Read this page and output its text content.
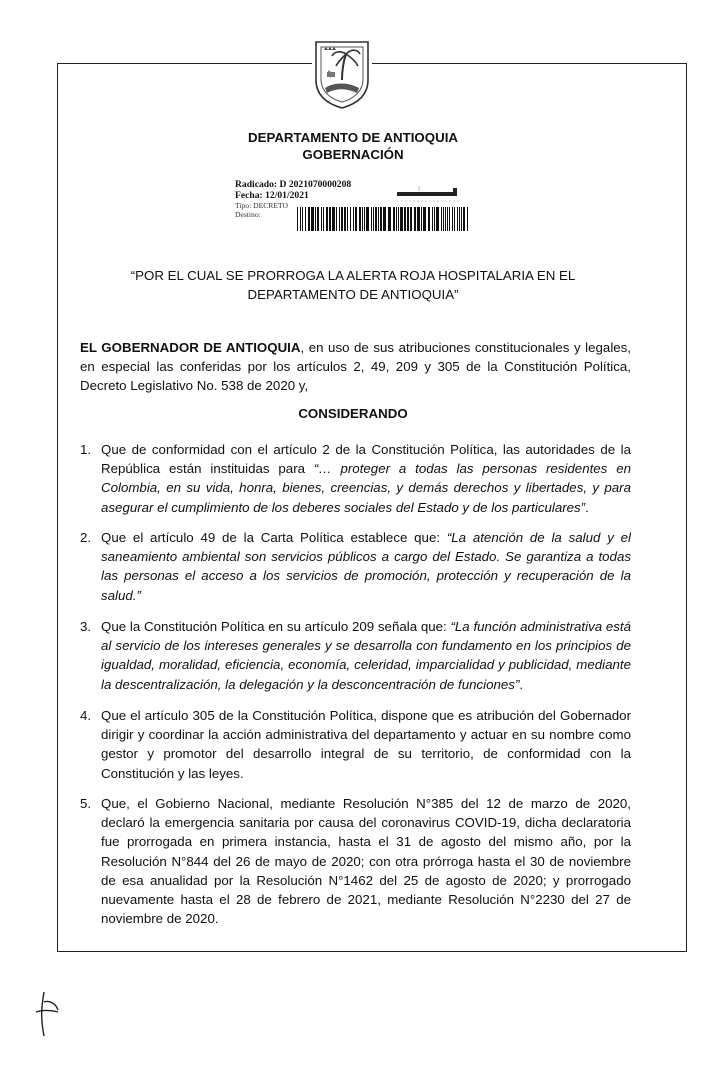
DEPARTAMENTO DE ANTIOQUIA
GOBERNACIÓN
Radicado: D 2021070000208
Fecha: 12/01/2021
Tipo: DECRETO
Destino:
“POR EL CUAL SE PRORROGA LA ALERTA ROJA HOSPITALARIA EN EL DEPARTAMENTO DE ANTIOQUIA”
EL GOBERNADOR DE ANTIOQUIA, en uso de sus atribuciones constitucionales y legales, en especial las conferidas por los artículos 2, 49, 209 y 305 de la Constitución Política, Decreto Legislativo No. 538 de 2020 y,
CONSIDERANDO
1. Que de conformidad con el artículo 2 de la Constitución Política, las autoridades de la República están instituidas para “… proteger a todas las personas residentes en Colombia, en su vida, honra, bienes, creencias, y demás derechos y libertades, y para asegurar el cumplimiento de los deberes sociales del Estado y de los particulares”.
2. Que el artículo 49 de la Carta Política establece que: “La atención de la salud y el saneamiento ambiental son servicios públicos a cargo del Estado. Se garantiza a todas las personas el acceso a los servicios de promoción, protección y recuperación de la salud.”
3. Que la Constitución Política en su artículo 209 señala que: “La función administrativa está al servicio de los intereses generales y se desarrolla con fundamento en los principios de igualdad, moralidad, eficiencia, economía, celeridad, imparcialidad y publicidad, mediante la descentralización, la delegación y la desconcentración de funciones”.
4. Que el artículo 305 de la Constitución Política, dispone que es atribución del Gobernador dirigir y coordinar la acción administrativa del departamento y actuar en su nombre como gestor y promotor del desarrollo integral de su territorio, de conformidad con la Constitución y las leyes.
5. Que, el Gobierno Nacional, mediante Resolución N°385 del 12 de marzo de 2020, declaró la emergencia sanitaria por causa del coronavirus COVID-19, dicha declaratoria fue prorrogada en primera instancia, hasta el 31 de agosto del mismo año, por la Resolución N°844 del 26 de mayo de 2020; con otra prórroga hasta el 30 de noviembre de esa anualidad por la Resolución N°1462 del 25 de agosto de 2020; y prorrogado nuevamente hasta el 28 de febrero de 2021, mediante Resolución N°2230 del 27 de noviembre de 2020.
